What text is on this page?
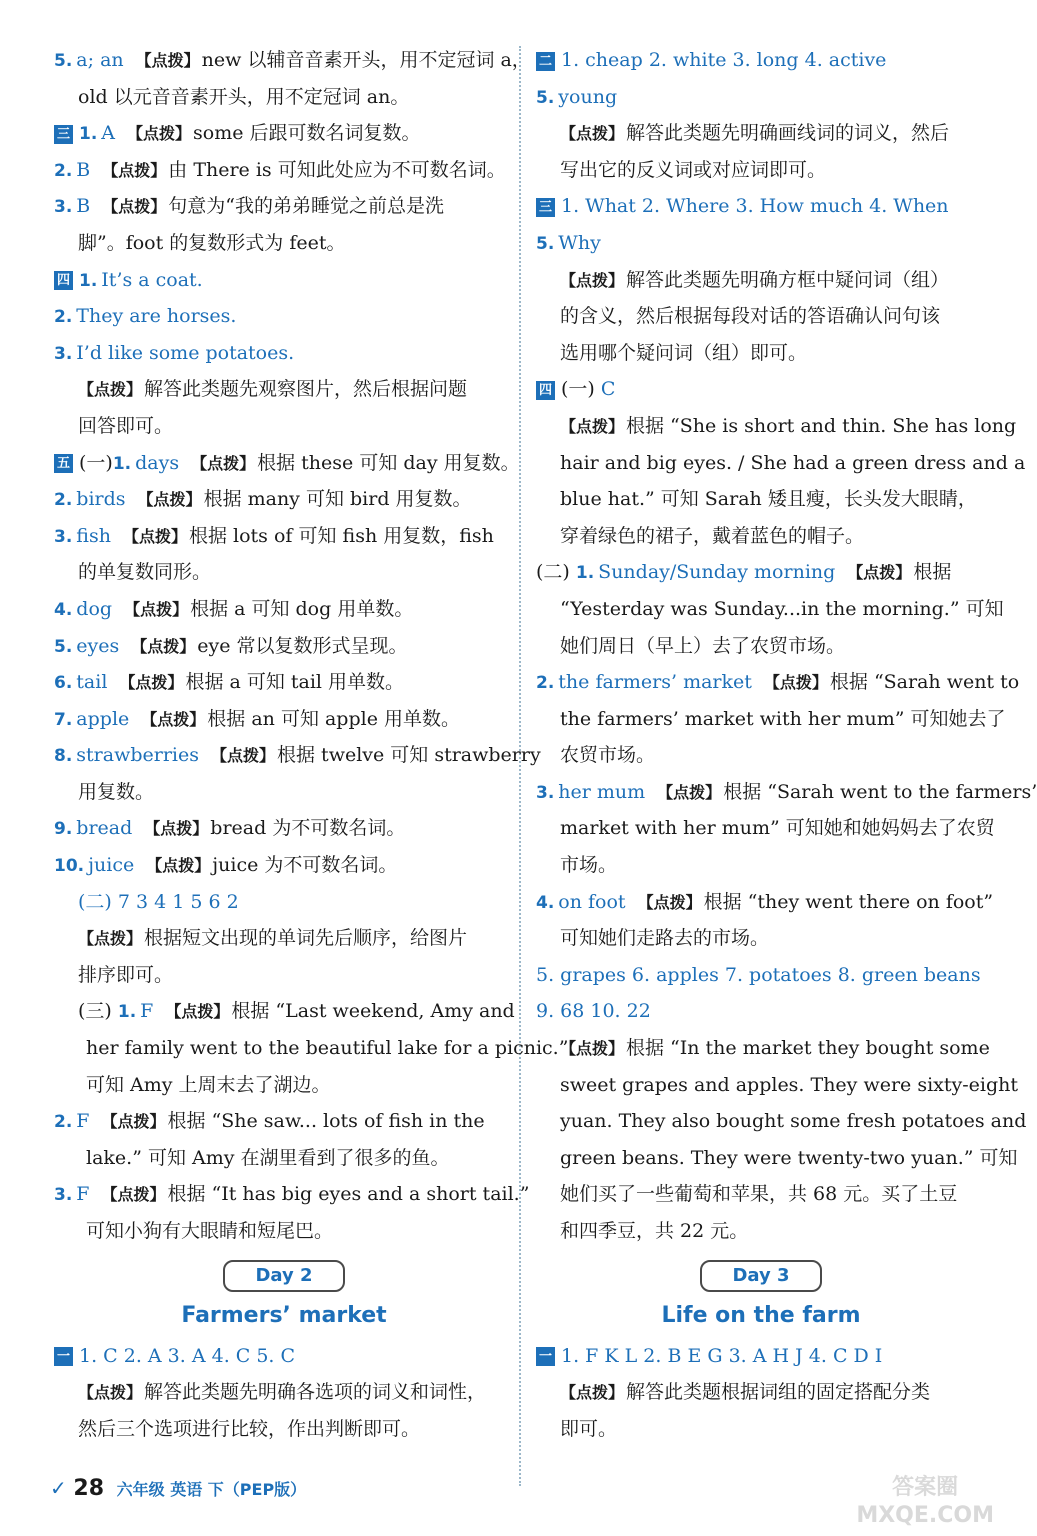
5. a; an 【点拨】 new 以辅音音素开头，用不定冠词 a，
old 以元音音素开头，用不定冠词 an。
三 1. A 【点拨】 some 后跟可数名词复数。
2. B 【点拨】 由 There is 可知此处应为不可数名词。
3. B 【点拨】 句意为“我的弟弟睡觉之前总是洗
脚”。foot 的复数形式为 feet。
四 1. It’s a coat.
2. They are horses.
3. I’d like some potatoes.
【点拨】 解答此类题先观察图片，然后根据问题
回答即可。
五 (一)1. days 【点拨】 根据 these 可知 day 用复数。
2. birds 【点拨】 根据 many 可知 bird 用复数。
3. fish 【点拨】 根据 lots of 可知 fish 用复数，fish
的单复数同形。
4. dog 【点拨】 根据 a 可知 dog 用单数。
5. eyes 【点拨】 eye 常以复数形式呈现。
6. tail 【点拨】 根据 a 可知 tail 用单数。
7. apple 【点拨】 根据 an 可知 apple 用单数。
8. strawberries 【点拨】 根据 twelve 可知 strawberry
用复数。
9. bread 【点拨】 bread 为不可数名词。
10. juice 【点拨】 juice 为不可数名词。
(二) 7 3 4 1 5 6 2
【点拨】 根据短文出现的单词先后顺序，给图片
排序即可。
(三) 1. F 【点拨】 根据 “Last weekend, Amy and
her family went to the beautiful lake for a picnic.”
可知 Amy 上周末去了湖边。
2. F 【点拨】 根据 “She saw... lots of fish in the
lake.” 可知 Amy 在湖里看到了很多的鱼。
3. F 【点拨】 根据 “It has big eyes and a short tail.”
可知小狗有大眼睛和短尾巴。
Day 2
Farmers’ market
一 1. C 2. A 3. A 4. C 5. C
【点拨】 解答此类题先明确各选项的词义和词性，
然后三个选项进行比较，作出判断即可。
二 1. cheap 2. white 3. long 4. active
5. young
【点拨】 解答此类题先明确画线词的词义，然后
写出它的反义词或对应词即可。
三 1. What 2. Where 3. How much 4. When
5. Why
【点拨】 解答此类题先明确方框中疑问词（组）
的含义，然后根据每段对话的答语确认问句该
选用哪个疑问词（组）即可。
四 (一) C
【点拨】 根据 “She is short and thin. She has long
hair and big eyes. / She had a green dress and a
blue hat.” 可知 Sarah 矮且瘦，长头发大眼睛，
穿着绿色的裙子，戴着蓝色的帽子。
(二) 1. Sunday/Sunday morning 【点拨】 根据
“Yesterday was Sunday...in the morning.” 可知
她们周日（早上）去了农贸市场。
2. the farmers’ market 【点拨】 根据 “Sarah went to
the farmers’ market with her mum” 可知她去了
农贸市场。
3. her mum 【点拨】 根据 “Sarah went to the farmers’
market with her mum” 可知她和她妈妈去了农贸
市场。
4. on foot 【点拨】 根据 “they went there on foot”
可知她们走路去的市场。
5. grapes 6. apples 7. potatoes 8. green beans
9. 68 10. 22
【点拨】 根据 “In the market they bought some
sweet grapes and apples. They were sixty-eight
yuan. They also bought some fresh potatoes and
green beans. They were twenty-two yuan.” 可知
她们买了一些葡萄和苹果，共 68 元。买了土豆
和四季豆，共 22 元。
Day 3
Life on the farm
一 1. F K L 2. B E G 3. A H J 4. C D I
【点拨】 解答此类题根据词组的固定搭配分类
即可。
✓ 28 六年级 英语 下（PEP版）	答案圈
MXQE.COM
